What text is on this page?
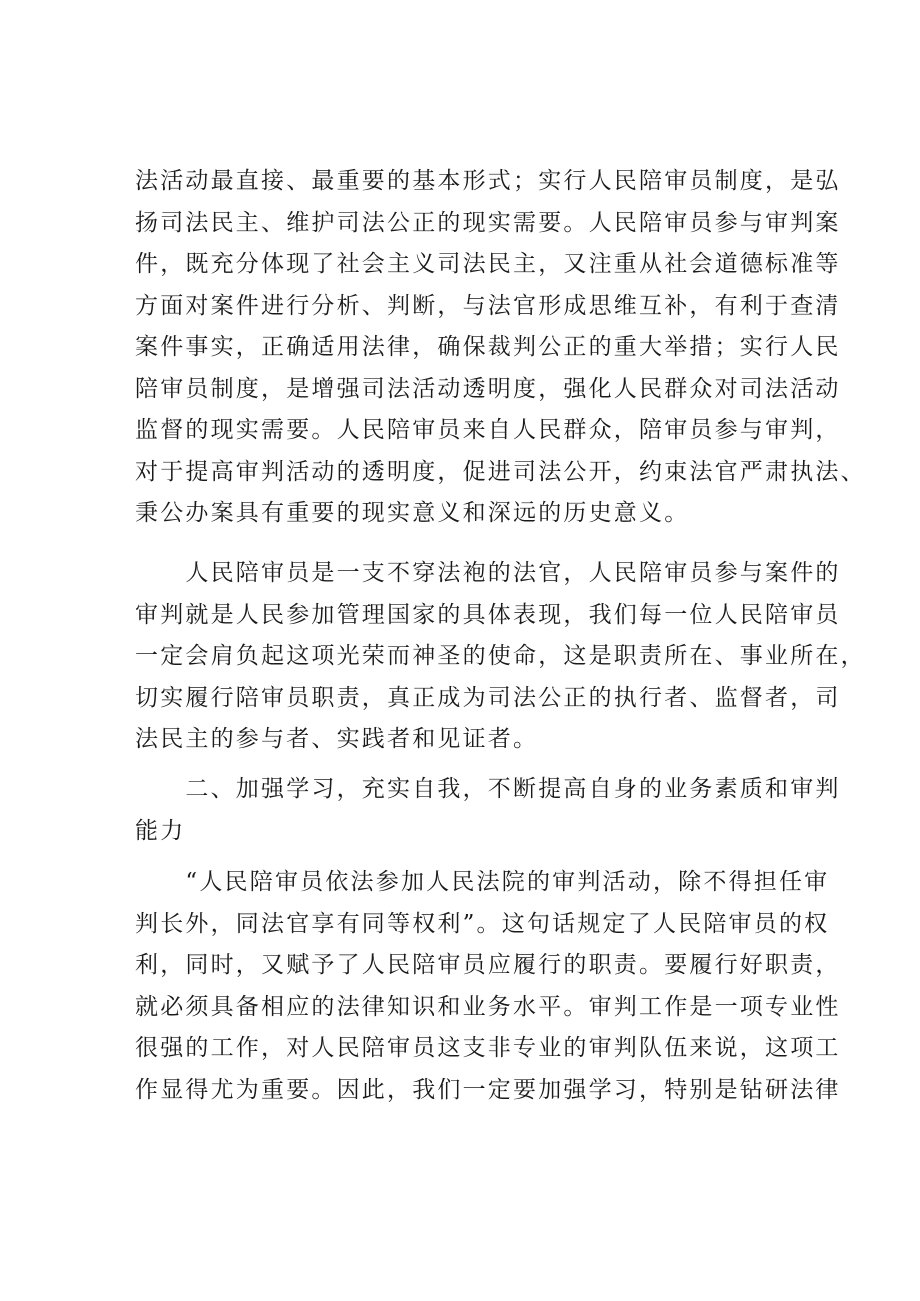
法活动最直接、最重要的基本形式；实行人民陪审员制度，是弘
扬司法民主、维护司法公正的现实需要。人民陪审员参与审判案
件，既充分体现了社会主义司法民主，又注重从社会道德标准等
方面对案件进行分析、判断，与法官形成思维互补，有利于查清
案件事实，正确适用法律，确保裁判公正的重大举措；实行人民
陪审员制度，是增强司法活动透明度，强化人民群众对司法活动
监督的现实需要。人民陪审员来自人民群众，陪审员参与审判，
对于提高审判活动的透明度，促进司法公开，约束法官严肃执法、
秉公办案具有重要的现实意义和深远的历史意义。
　　人民陪审员是一支不穿法袍的法官，人民陪审员参与案件的
审判就是人民参加管理国家的具体表现，我们每一位人民陪审员
一定会肩负起这项光荣而神圣的使命，这是职责所在、事业所在，
切实履行陪审员职责，真正成为司法公正的执行者、监督者，司
法民主的参与者、实践者和见证者。
　　二、加强学习，充实自我，不断提高自身的业务素质和审判
能力
　　“人民陪审员依法参加人民法院的审判活动，除不得担任审
判长外，同法官享有同等权利”。这句话规定了人民陪审员的权
利，同时，又赋予了人民陪审员应履行的职责。要履行好职责，
就必须具备相应的法律知识和业务水平。审判工作是一项专业性
很强的工作，对人民陪审员这支非专业的审判队伍来说，这项工
作显得尤为重要。因此，我们一定要加强学习，特别是钻研法律
